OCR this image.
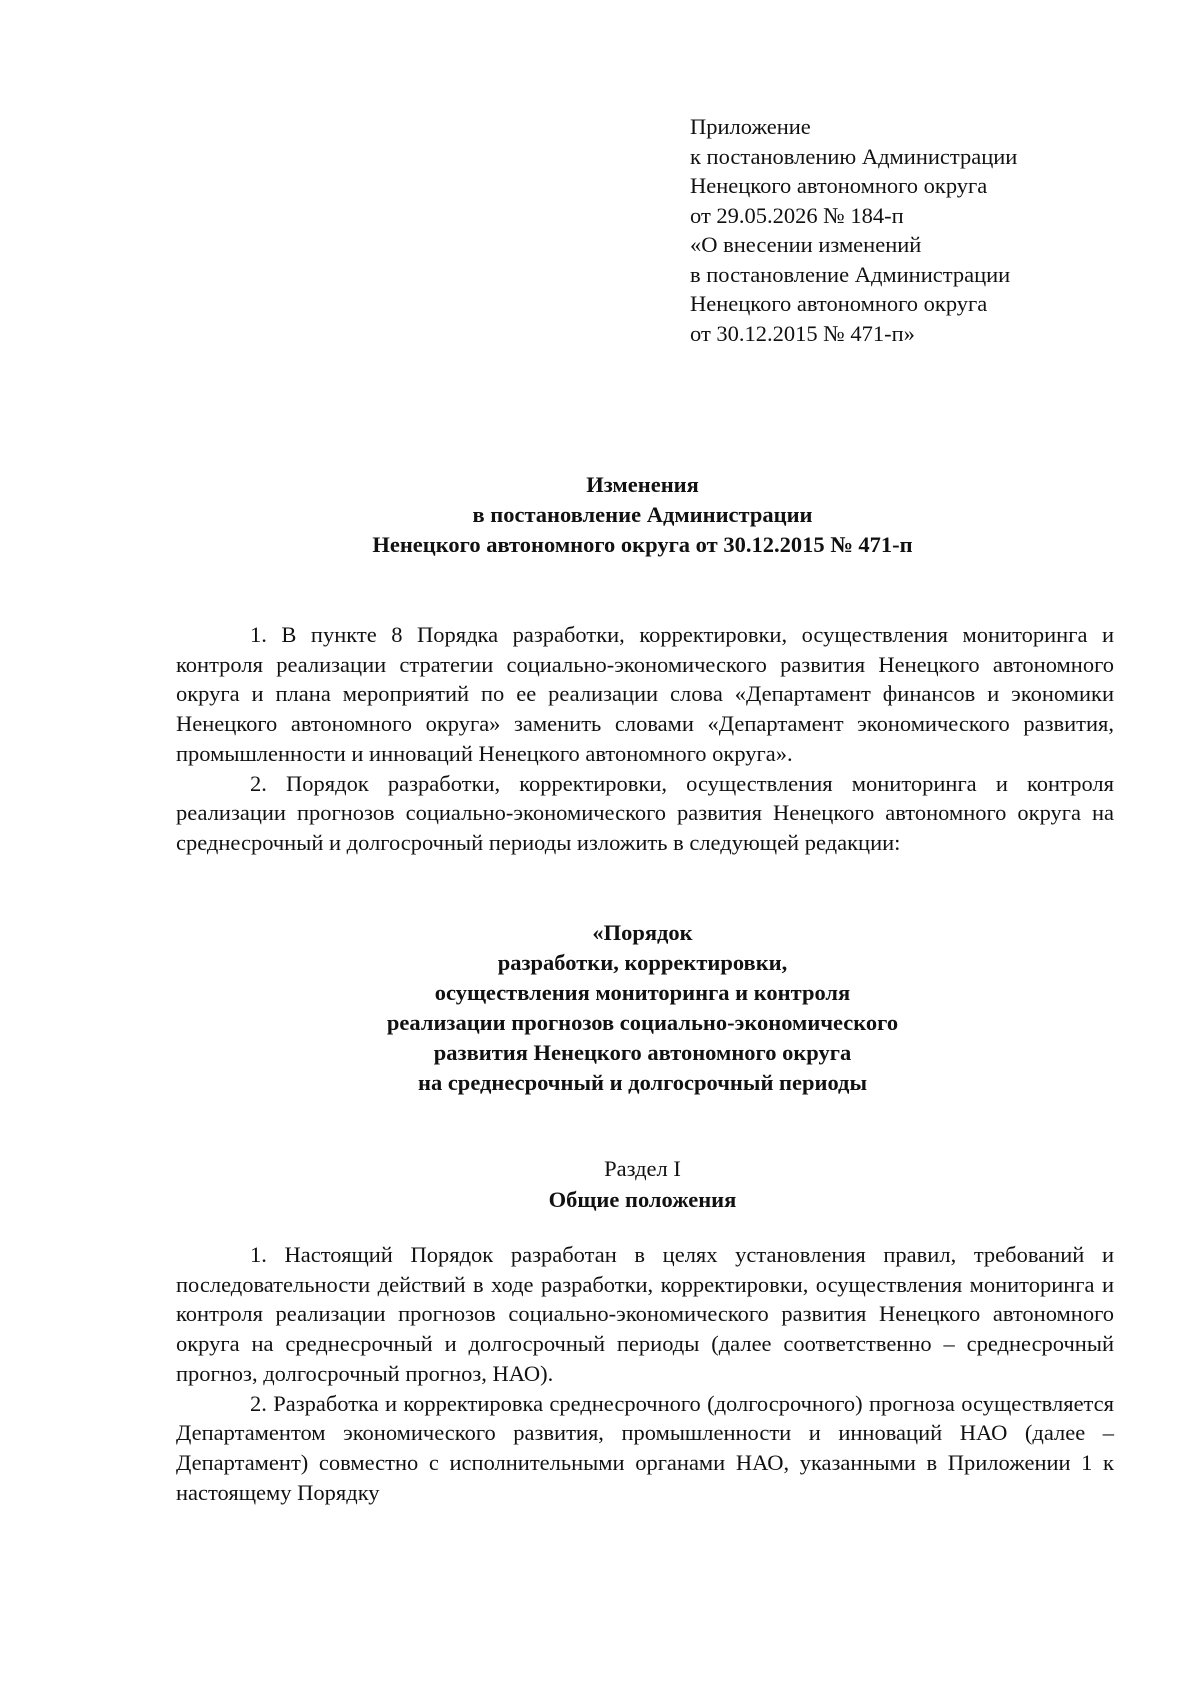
Приложение
к постановлению Администрации
Ненецкого автономного округа
от 29.05.2026 № 184-п
«О внесении изменений
в постановление Администрации
Ненецкого автономного округа
от 30.12.2015 № 471-п»
Изменения
в постановление Администрации
Ненецкого автономного округа от 30.12.2015 № 471-п

1. В пункте 8 Порядка разработки, корректировки, осуществления мониторинга и контроля реализации стратегии социально-экономического развития Ненецкого автономного округа и плана мероприятий по ее реализации слова «Департамент финансов и экономики Ненецкого автономного округа» заменить словами «Департамент экономического развития, промышленности и инноваций Ненецкого автономного округа».

2. Порядок разработки, корректировки, осуществления мониторинга и контроля реализации прогнозов социально-экономического развития Ненецкого автономного округа на среднесрочный и долгосрочный периоды изложить в следующей редакции:

«Порядок
разработки, корректировки,
осуществления мониторинга и контроля
реализации прогнозов социально-экономического
развития Ненецкого автономного округа
на среднесрочный и долгосрочный периоды
Раздел I
Общие положения

1. Настоящий Порядок разработан в целях установления правил, требований и последовательности действий в ходе разработки, корректировки, осуществления мониторинга и контроля реализации прогнозов социально-экономического развития Ненецкого автономного округа на среднесрочный и долгосрочный периоды (далее соответственно – среднесрочный прогноз, долгосрочный прогноз, НАО).

2. Разработка и корректировка среднесрочного (долгосрочного) прогноза осуществляется Департаментом экономического развития, промышленности и инноваций НАО (далее – Департамент) совместно с исполнительными органами НАО, указанными в Приложении 1 к настоящему Порядку
